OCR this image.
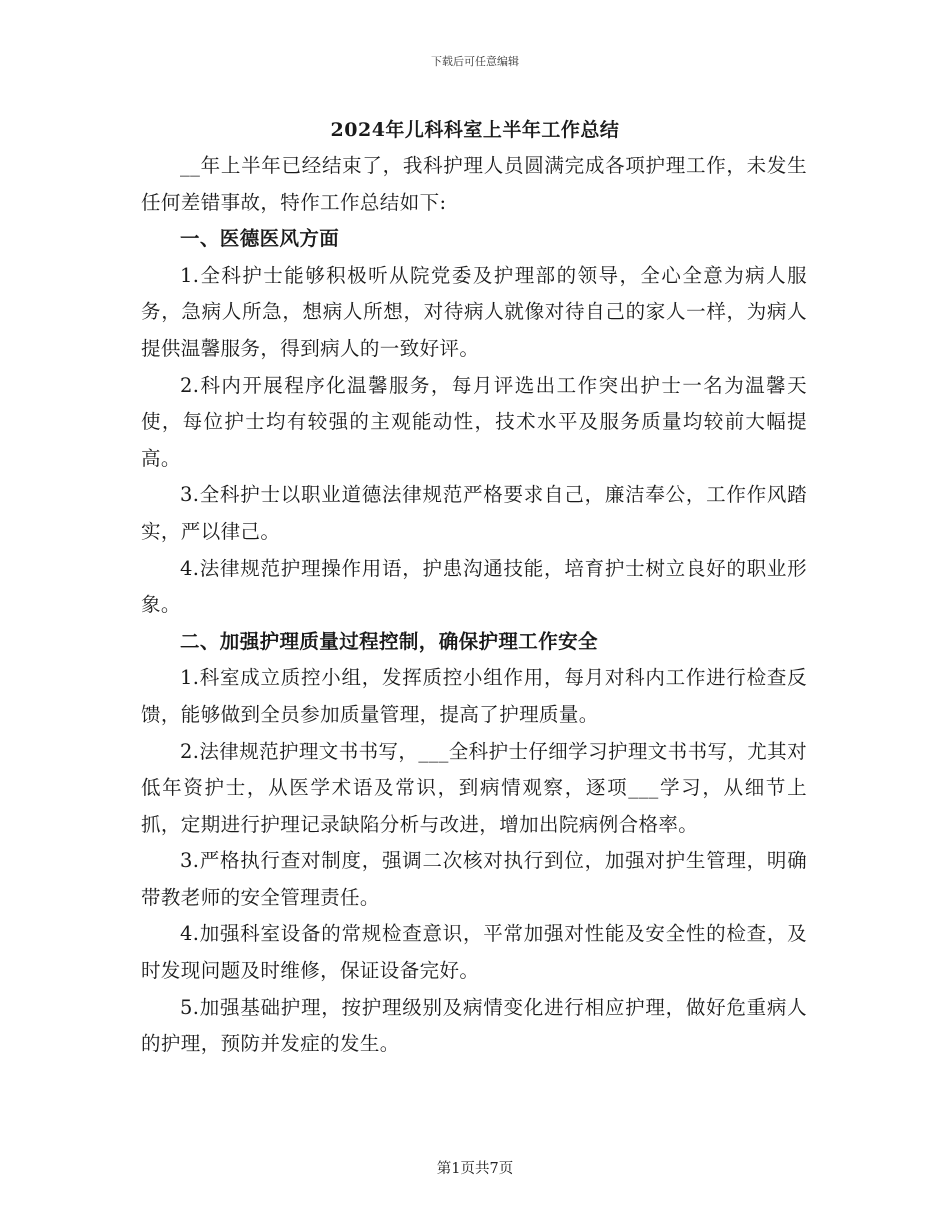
下载后可任意编辑
2024年儿科科室上半年工作总结

__年上半年已经结束了，我科护理人员圆满完成各项护理工作，未发生任何差错事故，特作工作总结如下:

一、医德医风方面

1.全科护士能够积极听从院党委及护理部的领导，全心全意为病人服务，急病人所急，想病人所想，对待病人就像对待自己的家人一样，为病人提供温馨服务，得到病人的一致好评。

2.科内开展程序化温馨服务，每月评选出工作突出护士一名为温馨天使，每位护士均有较强的主观能动性，技术水平及服务质量均较前大幅提高。

3.全科护士以职业道德法律规范严格要求自己，廉洁奉公，工作作风踏实，严以律己。

4.法律规范护理操作用语，护患沟通技能，培育护士树立良好的职业形象。

二、加强护理质量过程控制，确保护理工作安全

1.科室成立质控小组，发挥质控小组作用，每月对科内工作进行检查反馈，能够做到全员参加质量管理，提高了护理质量。

2.法律规范护理文书书写，___全科护士仔细学习护理文书书写，尤其对低年资护士，从医学术语及常识，到病情观察，逐项___学习，从细节上抓，定期进行护理记录缺陷分析与改进，增加出院病例合格率。

3.严格执行查对制度，强调二次核对执行到位，加强对护生管理，明确带教老师的安全管理责任。

4.加强科室设备的常规检查意识，平常加强对性能及安全性的检查，及时发现问题及时维修，保证设备完好。

5.加强基础护理，按护理级别及病情变化进行相应护理，做好危重病人的护理，预防并发症的发生。

第1页共7页
